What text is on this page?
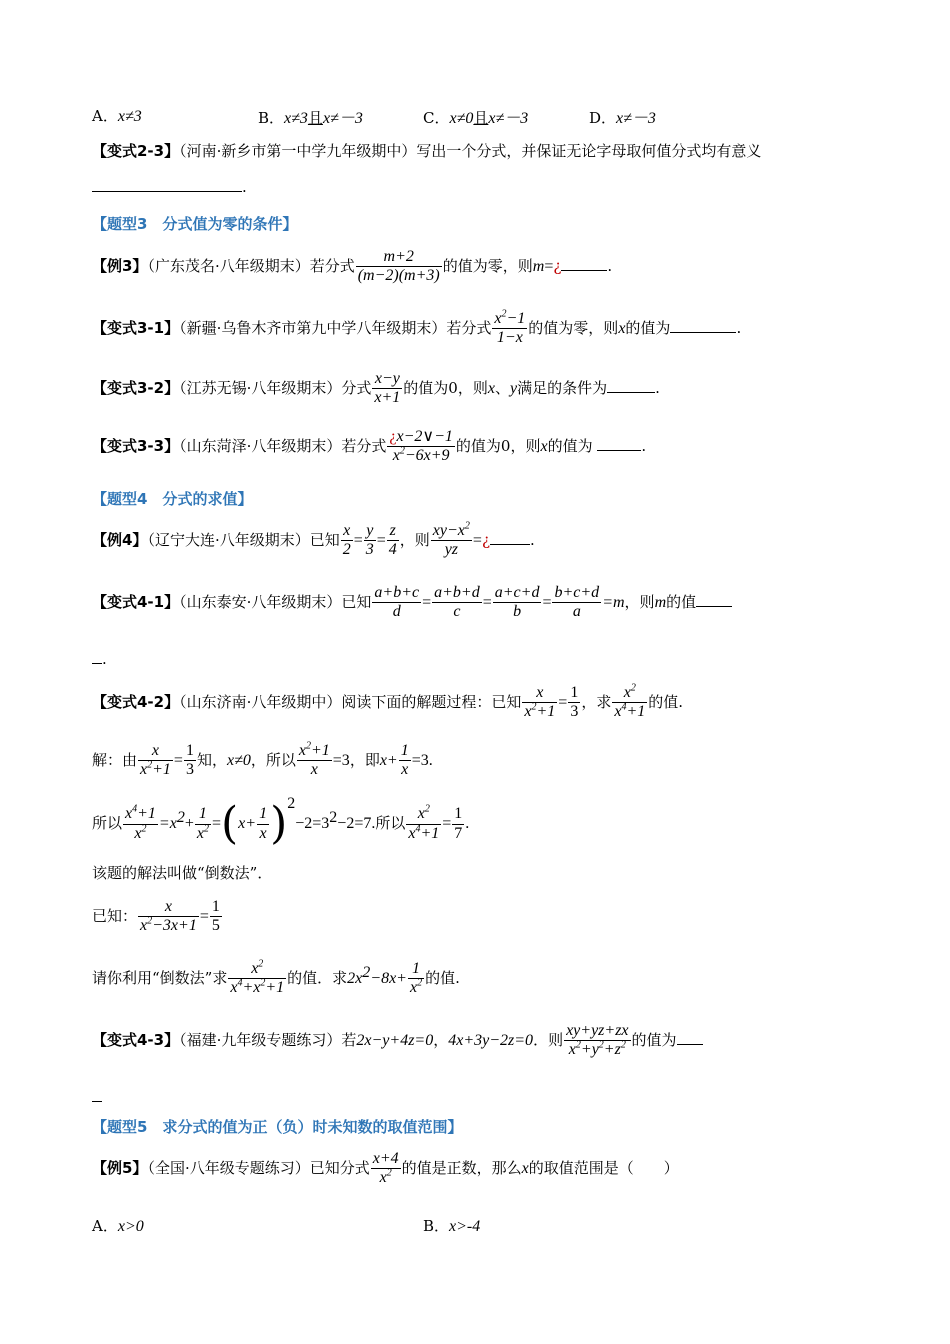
A．x≠3	B．x≠3且x≠－3	C．x≠0且x≠－3	D．x≠－3
【变式2-3】（河南·新乡市第一中学九年级期中）写出一个分式，并保证无论字母取何值分式均有意义
.
【题型3　分式值为零的条件】
【例3】（广东茂名·八年级期末）若分式 $\frac{m+2}{(m-2)(m+3)}$ 的值为零，则m=¿	.
【变式3-1】（新疆·乌鲁木齐市第九中学八年级期末）若分式 $\frac{x^2-1}{1-x}$ 的值为零，则x的值为	.
【变式3-2】（江苏无锡·八年级期末）分式 $\frac{x-y}{x+1}$ 的值为0，则x、y满足的条件为	.
【变式3-3】（山东菏泽·八年级期末）若分式 $\frac{¿x-2\vee-1}{x^2-6x+9}$ 的值为0，则x的值为	.
【题型4　分式的求值】
【例4】（辽宁大连·八年级期末）已知 $\frac{x}{2} = \frac{y}{3} = \frac{z}{4}$ ，则 $\frac{xy-x^2}{yz}$ =¿	.
【变式4-1】（山东泰安·八年级期末）已知 $\frac{a+b+c}{d} = \frac{a+b+d}{c} = \frac{a+c+d}{b} = \frac{b+c+d}{a} =m$，则m的值
.
【变式4-2】（山东济南·八年级期中）阅读下面的解题过程：已知 $\frac{x}{x^2+1} = \frac{1}{3}$ ，求 $\frac{x^2}{x^4+1}$ 的值.
解：由 $\frac{x}{x^2+1} = \frac{1}{3}$ 知，x≠0，所以 $\frac{x^2+1}{x} =3$，即$x+ \frac{1}{x} =3$.
所以 $\frac{x^4+1}{x^2} =x^2+ \frac{1}{x^2} =(x+ \frac{1}{x} )^2-2=3^2-2=7$.所以 $\frac{x^2}{x^4+1} = \frac{1}{7}$ .
该题的解法叫做“倒数法”．
已知： $\frac{x}{x^2-3x+1} = \frac{1}{5}$
请你利用“倒数法”求 $\frac{x^2}{x^4+x^2+1}$ 的值．求$2x^2-8x+ \frac{1}{x^2}$ 的值.
【变式4-3】（福建·九年级专题练习）若2x−y+4z=0，4x+3y−2z=0．则 $\frac{xy+yz+zx}{x^2+y^2+z^2}$ 的值为
【题型5　求分式的值为正（负）时未知数的取值范围】
【例5】（全国·八年级专题练习）已知分式 $\frac{x+4}{x^2}$ 的值是正数，那么x的取值范围是（　　）
A．x>0	B．x>-4
